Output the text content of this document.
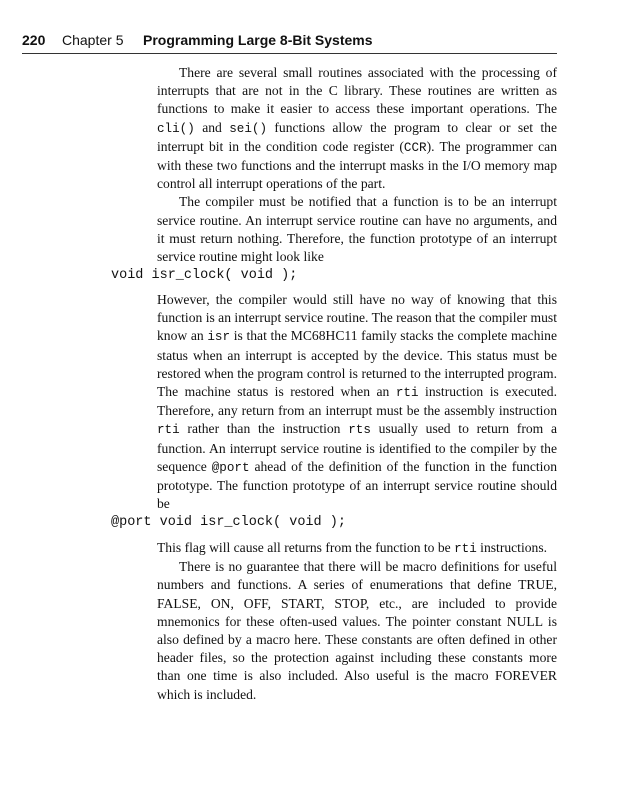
220 Chapter 5 Programming Large 8-Bit Systems

There are several small routines associated with the processing of interrupts that are not in the C library. These routines are written as functions to make it easier to access these important operations. The cli() and sei() functions allow the program to clear or set the interrupt bit in the condition code register (CCR). The programmer can with these two functions and the interrupt masks in the I/O memory map control all interrupt operations of the part.

The compiler must be notified that a function is to be an interrupt service routine. An interrupt service routine can have no arguments, and it must return nothing. Therefore, the function prototype of an interrupt service routine might look like

void isr_clock( void );

However, the compiler would still have no way of knowing that this function is an interrupt service routine. The reason that the compiler must know an isr is that the MC68HC11 family stacks the complete machine status when an interrupt is accepted by the device. This status must be restored when the program control is returned to the interrupted program. The machine status is restored when an rti instruction is executed. Therefore, any return from an interrupt must be the assembly instruction rti rather than the instruction rts usually used to return from a function. An interrupt service routine is identified to the compiler by the sequence @port ahead of the definition of the function in the function prototype. The function prototype of an interrupt service routine should be

@port void isr_clock( void );

This flag will cause all returns from the function to be rti instructions.

There is no guarantee that there will be macro definitions for useful numbers and functions. A series of enumerations that define TRUE, FALSE, ON, OFF, START, STOP, etc., are included to provide mnemonics for these often-used values. The pointer constant NULL is also defined by a macro here. These constants are often defined in other header files, so the protection against including these constants more than one time is also included. Also useful is the macro FOREVER which is included.
